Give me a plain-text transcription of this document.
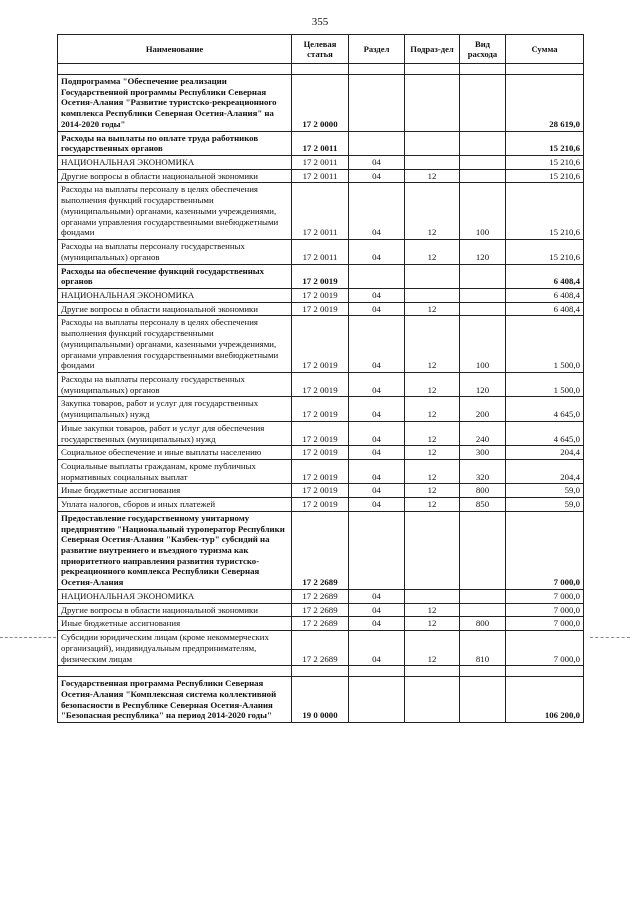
355
Наименование	Целевая статья	Раздел	Подраз-дел	Вид расхода	Сумма

Подпрограмма "Обеспечение реализации Государственной программы Республики Северная Осетия-Алания "Развитие туристско-рекреационного комплекса Республики Северная Осетия-Алания" на 2014-2020 годы"	17 2 0000				28 619,0
Расходы на выплаты по оплате труда работников государственных органов	17 2 0011				15 210,6
НАЦИОНАЛЬНАЯ ЭКОНОМИКА	17 2 0011	04			15 210,6
Другие вопросы в области национальной экономики	17 2 0011	04	12		15 210,6
Расходы на выплаты персоналу в целях обеспечения выполнения функций государственными (муниципальными) органами, казенными учреждениями, органами управления государственными внебюджетными фондами	17 2 0011	04	12	100	15 210,6
Расходы на выплаты персоналу государственных (муниципальных) органов	17 2 0011	04	12	120	15 210,6
Расходы на обеспечение функций государственных органов	17 2 0019				6 408,4
НАЦИОНАЛЬНАЯ ЭКОНОМИКА	17 2 0019	04			6 408,4
Другие вопросы в области национальной экономики	17 2 0019	04	12		6 408,4
Расходы на выплаты персоналу в целях обеспечения выполнения функций государственными (муниципальными) органами, казенными учреждениями, органами управления государственными внебюджетными фондами	17 2 0019	04	12	100	1 500,0
Расходы на выплаты персоналу государственных (муниципальных) органов	17 2 0019	04	12	120	1 500,0
Закупка товаров, работ и услуг для государственных (муниципальных) нужд	17 2 0019	04	12	200	4 645,0
Иные закупки товаров, работ и услуг для обеспечения государственных (муниципальных) нужд	17 2 0019	04	12	240	4 645,0
Социальное обеспечение и иные выплаты населению	17 2 0019	04	12	300	204,4
Социальные выплаты гражданам, кроме публичных нормативных социальных выплат	17 2 0019	04	12	320	204,4
Иные бюджетные ассигнования	17 2 0019	04	12	800	59,0
Уплата налогов, сборов и иных платежей	17 2 0019	04	12	850	59,0
Предоставление государственному унитарному предприятию "Национальный туроператор Республики Северная Осетия-Алания "Казбек-тур" субсидий на развитие внутреннего и въездного туризма как приоритетного направления развития туристско-рекреационного комплекса Республики Северная Осетия-Алания	17 2 2689				7 000,0
НАЦИОНАЛЬНАЯ ЭКОНОМИКА	17 2 2689	04			7 000,0
Другие вопросы в области национальной экономики	17 2 2689	04	12		7 000,0
Иные бюджетные ассигнования	17 2 2689	04	12	800	7 000,0
Субсидии юридическим лицам (кроме некоммерческих организаций), индивидуальным предпринимателям, физическим лицам	17 2 2689	04	12	810	7 000,0

Государственная программа Республики Северная Осетия-Алания "Комплексная система коллективной безопасности в Республике Северная Осетия-Алания "Безопасная республика" на период 2014-2020 годы"	19 0 0000				106 200,0
